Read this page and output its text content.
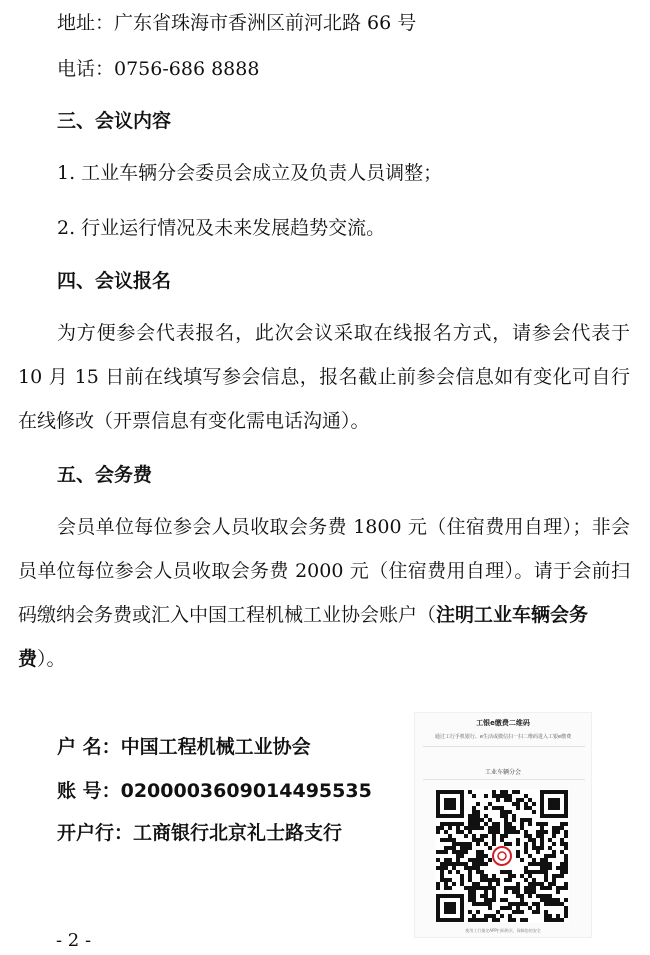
地址：广东省珠海市香洲区前河北路 66 号
电话：0756-686 8888
三、会议内容
1. 工业车辆分会委员会成立及负责人员调整；
2. 行业运行情况及未来发展趋势交流。
四、会议报名
为方便参会代表报名，此次会议采取在线报名方式，请参会代表于
10 月 15 日前在线填写参会信息，报名截止前参会信息如有变化可自行
在线修改（开票信息有变化需电话沟通）。
五、会务费
会员单位每位参会人员收取会务费 1800 元（住宿费用自理）；非会
员单位每位参会人员收取会务费 2000 元（住宿费用自理）。请于会前扫
码缴纳会务费或汇入中国工程机械工业协会账户（注明工业车辆会务
费）。
户 名：中国工程机械工业协会
账 号：0200003609014495535
开户行：工商银行北京礼士路支行
工银e缴费二维码
通过工行手机银行、e生活或微信扫一扫二维码进入工银e缴费
工业车辆分会
使用工行指定APP扫码购买，保障您的安全
- 2 -
